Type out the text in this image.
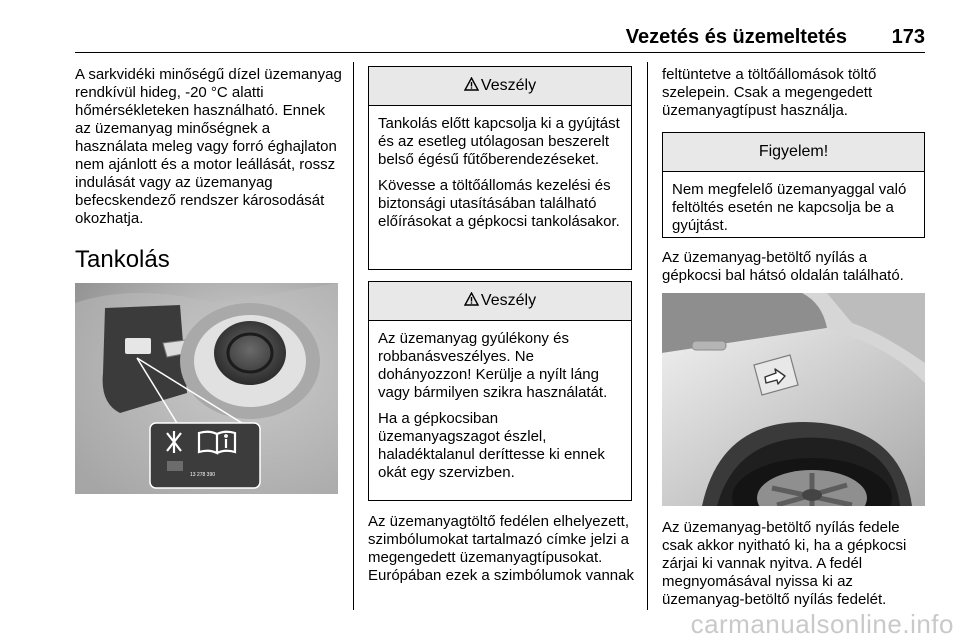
Vezetés és üzemeltetés 173

A sarkvidéki minőségű dízel üzemanyag rendkívül hideg, -20 °C alatti hőmérsékleteken használható. Ennek az üzemanyag minőségnek a használata meleg vagy forró éghajlaton nem ajánlott és a motor leállását, rossz indulását vagy az üzemanyag befecskendező rendszer károsodását okozhatja.

Tankolás
13 278 390
Veszély

Tankolás előtt kapcsolja ki a gyújtást és az esetleg utólagosan beszerelt belső égésű fűtőberendezéseket.

Kövesse a töltőállomás kezelési és biztonsági utasításában található előírásokat a gépkocsi tankolásakor.

Veszély

Az üzemanyag gyúlékony és robbanásveszélyes. Ne dohányozzon! Kerülje a nyílt láng vagy bármilyen szikra használatát.

Ha a gépkocsiban üzemanyagszagot észlel, haladéktalanul deríttesse ki ennek okát egy szervizben.

Az üzemanyagtöltő fedélen elhelyezett, szimbólumokat tartalmazó címke jelzi a megengedett üzemanyagtípusokat. Európában ezek a szimbólumok vannak

feltüntetve a töltőállomások töltő szelepein. Csak a megengedett üzemanyagtípust használja.

Figyelem!

Nem megfelelő üzemanyaggal való feltöltés esetén ne kapcsolja be a gyújtást.

Az üzemanyag-betöltő nyílás a gépkocsi bal hátsó oldalán található.

Az üzemanyag-betöltő nyílás fedele csak akkor nyitható ki, ha a gépkocsi zárjai ki vannak nyitva. A fedél megnyomásával nyissa ki az üzemanyag-betöltő nyílás fedelét.

carmanualsonline.info
